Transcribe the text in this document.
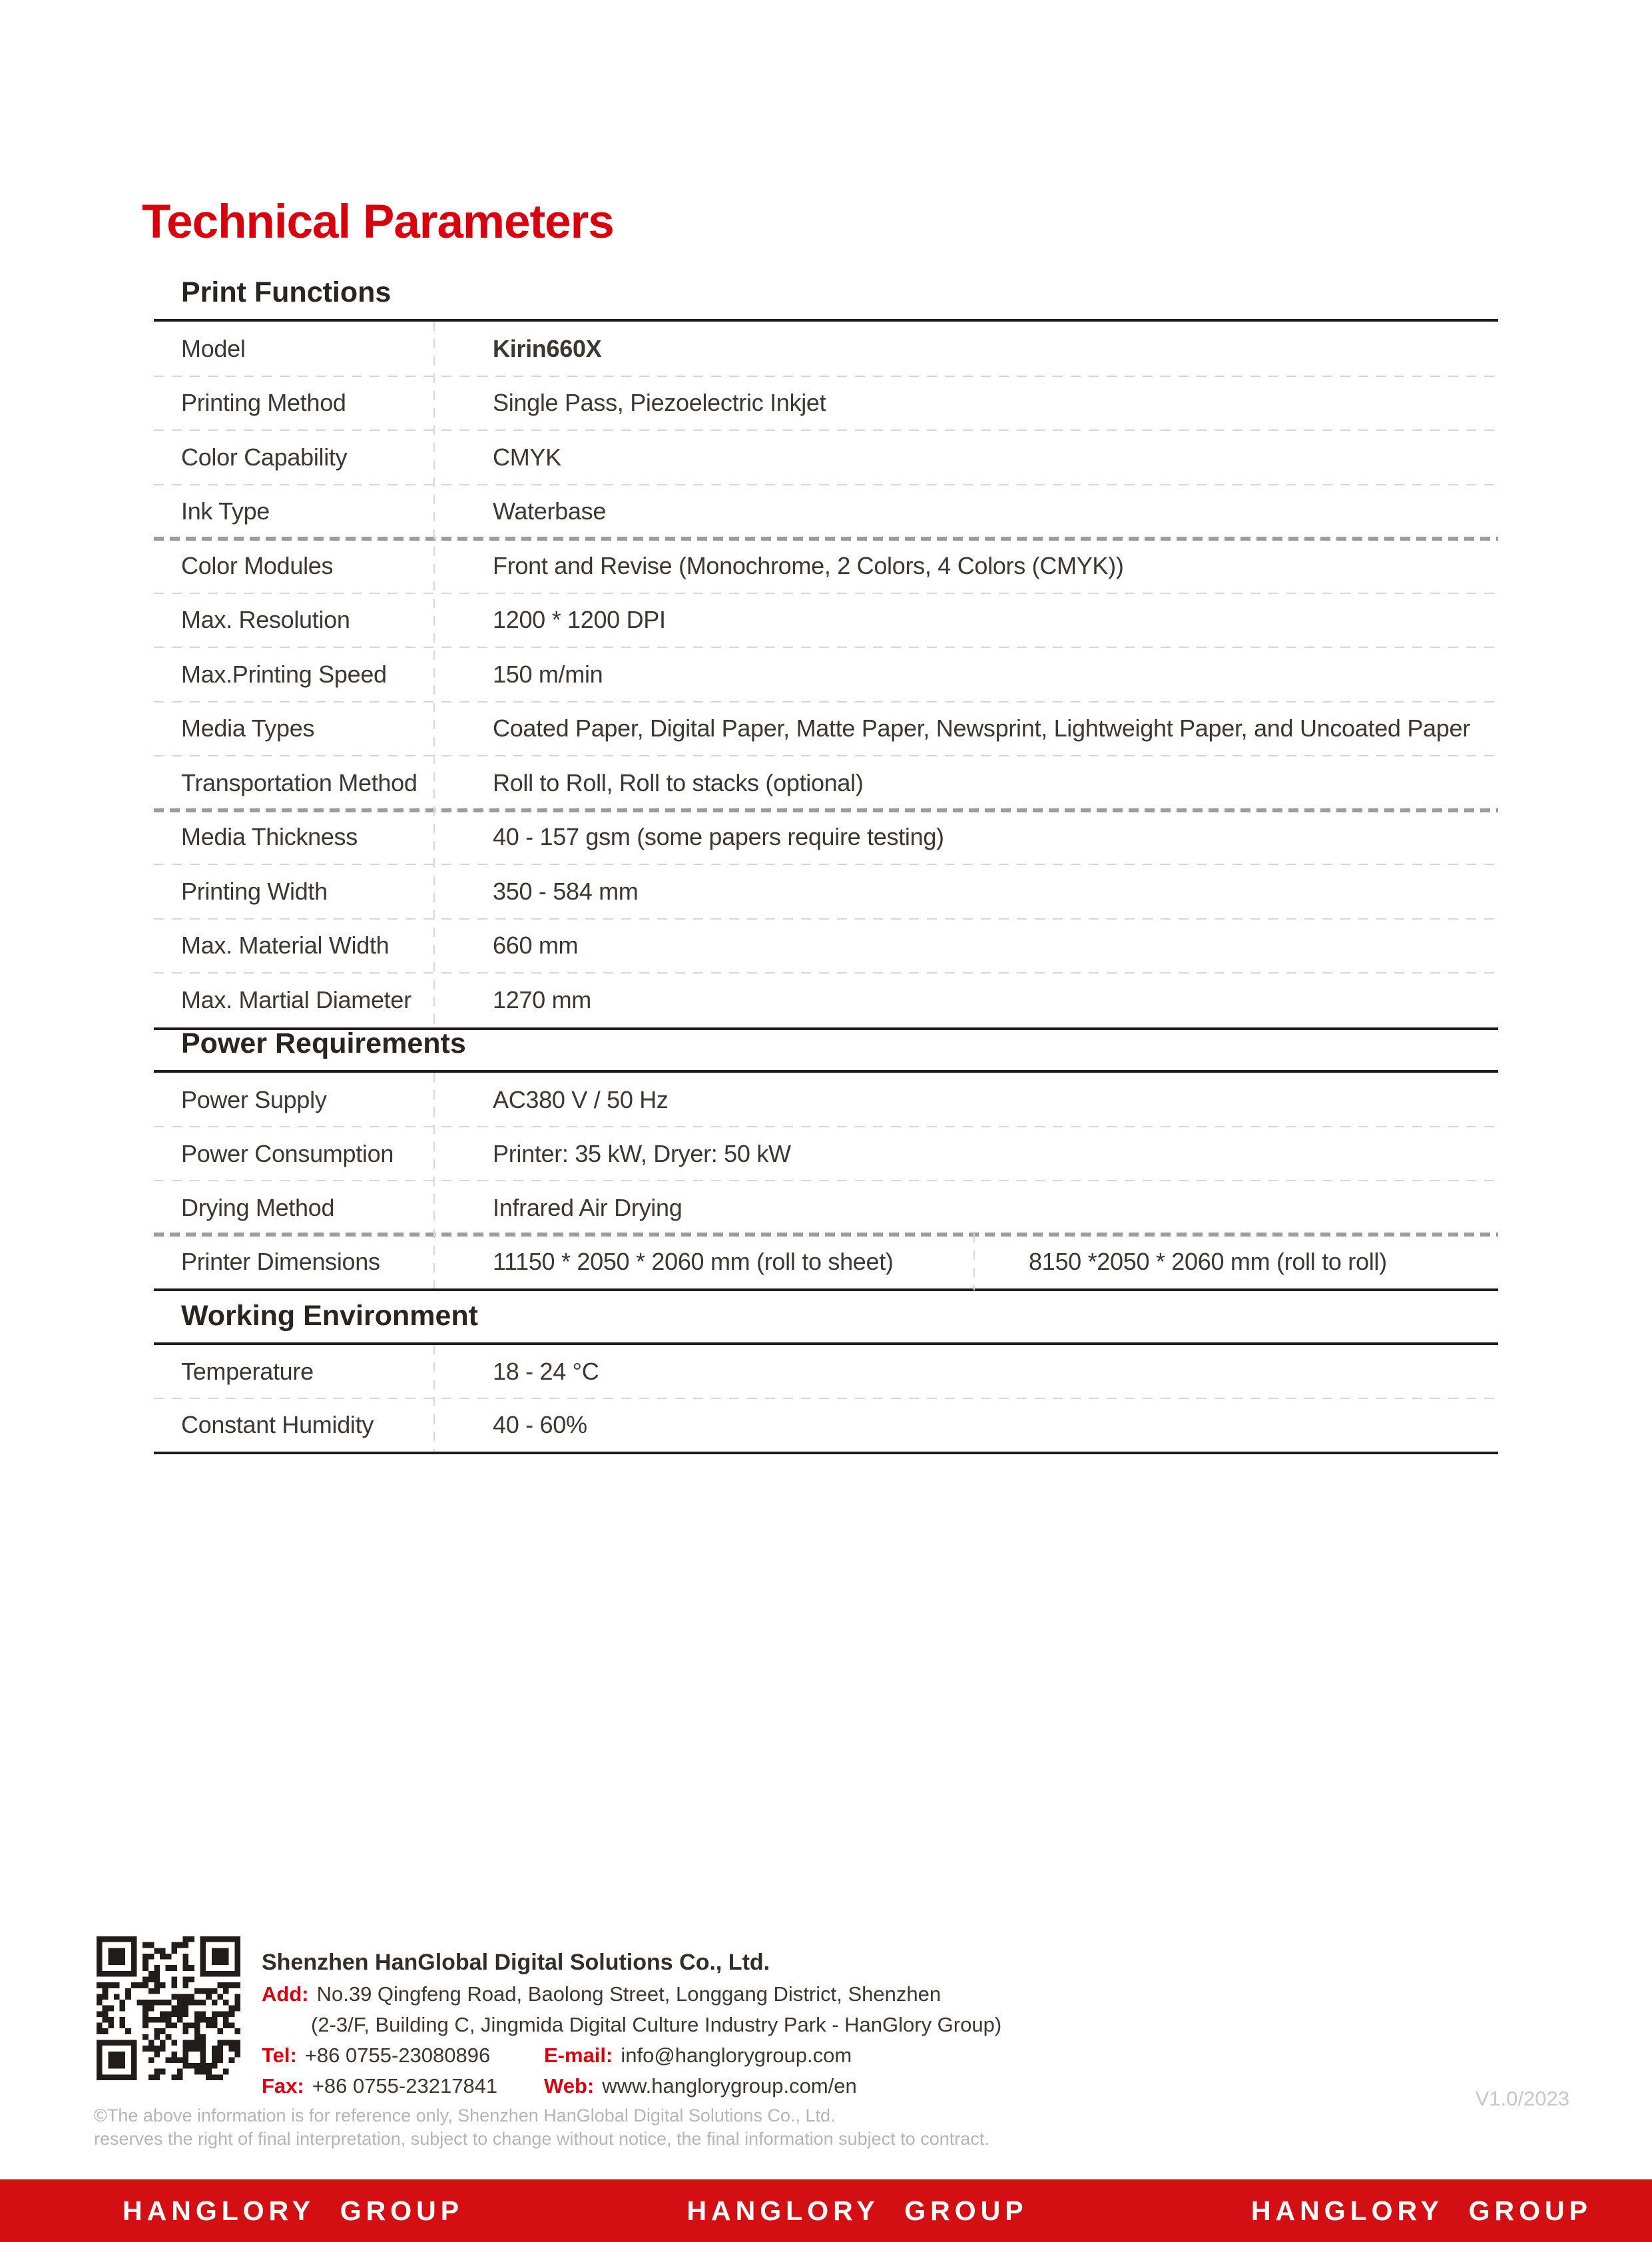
Technical Parameters
Print Functions
Model	Kirin660X
Printing Method	Single Pass, Piezoelectric Inkjet
Color Capability	CMYK
Ink Type	Waterbase
Color Modules	Front and Revise (Monochrome, 2 Colors, 4 Colors (CMYK))
Max. Resolution	1200 * 1200 DPI
Max.Printing Speed	150 m/min
Media Types	Coated Paper, Digital Paper, Matte Paper, Newsprint, Lightweight Paper, and Uncoated Paper
Transportation Method	Roll to Roll, Roll to stacks (optional)
Media Thickness	40 - 157 gsm (some papers require testing)
Printing Width	350 - 584 mm
Max. Material Width	660 mm
Max. Martial Diameter	1270 mm
Power Requirements
Power Supply	AC380 V / 50 Hz
Power Consumption	Printer: 35 kW, Dryer: 50 kW
Drying Method	Infrared Air Drying
Printer Dimensions	11150 * 2050 * 2060 mm (roll to sheet)	8150 *2050 * 2060 mm (roll to roll)
Working Environment
Temperature	18 - 24 °C
Constant Humidity	40 - 60%
Shenzhen HanGlobal Digital Solutions Co., Ltd.
Add: No.39 Qingfeng Road, Baolong Street, Longgang District, Shenzhen
(2-3/F, Building C, Jingmida Digital Culture Industry Park - HanGlory Group)
Tel: +86 0755-23080896	E-mail: info@hanglorygroup.com
Fax: +86 0755-23217841 Web: www.hanglorygroup.com/en
©The above information is for reference only, Shenzhen HanGlobal Digital Solutions Co., Ltd.
reserves the right of final interpretation, subject to change without notice, the final information subject to contract.
V1.0/2023
HANGLORY GROUP	HANGLORY GROUP	HANGLORY GROUP
